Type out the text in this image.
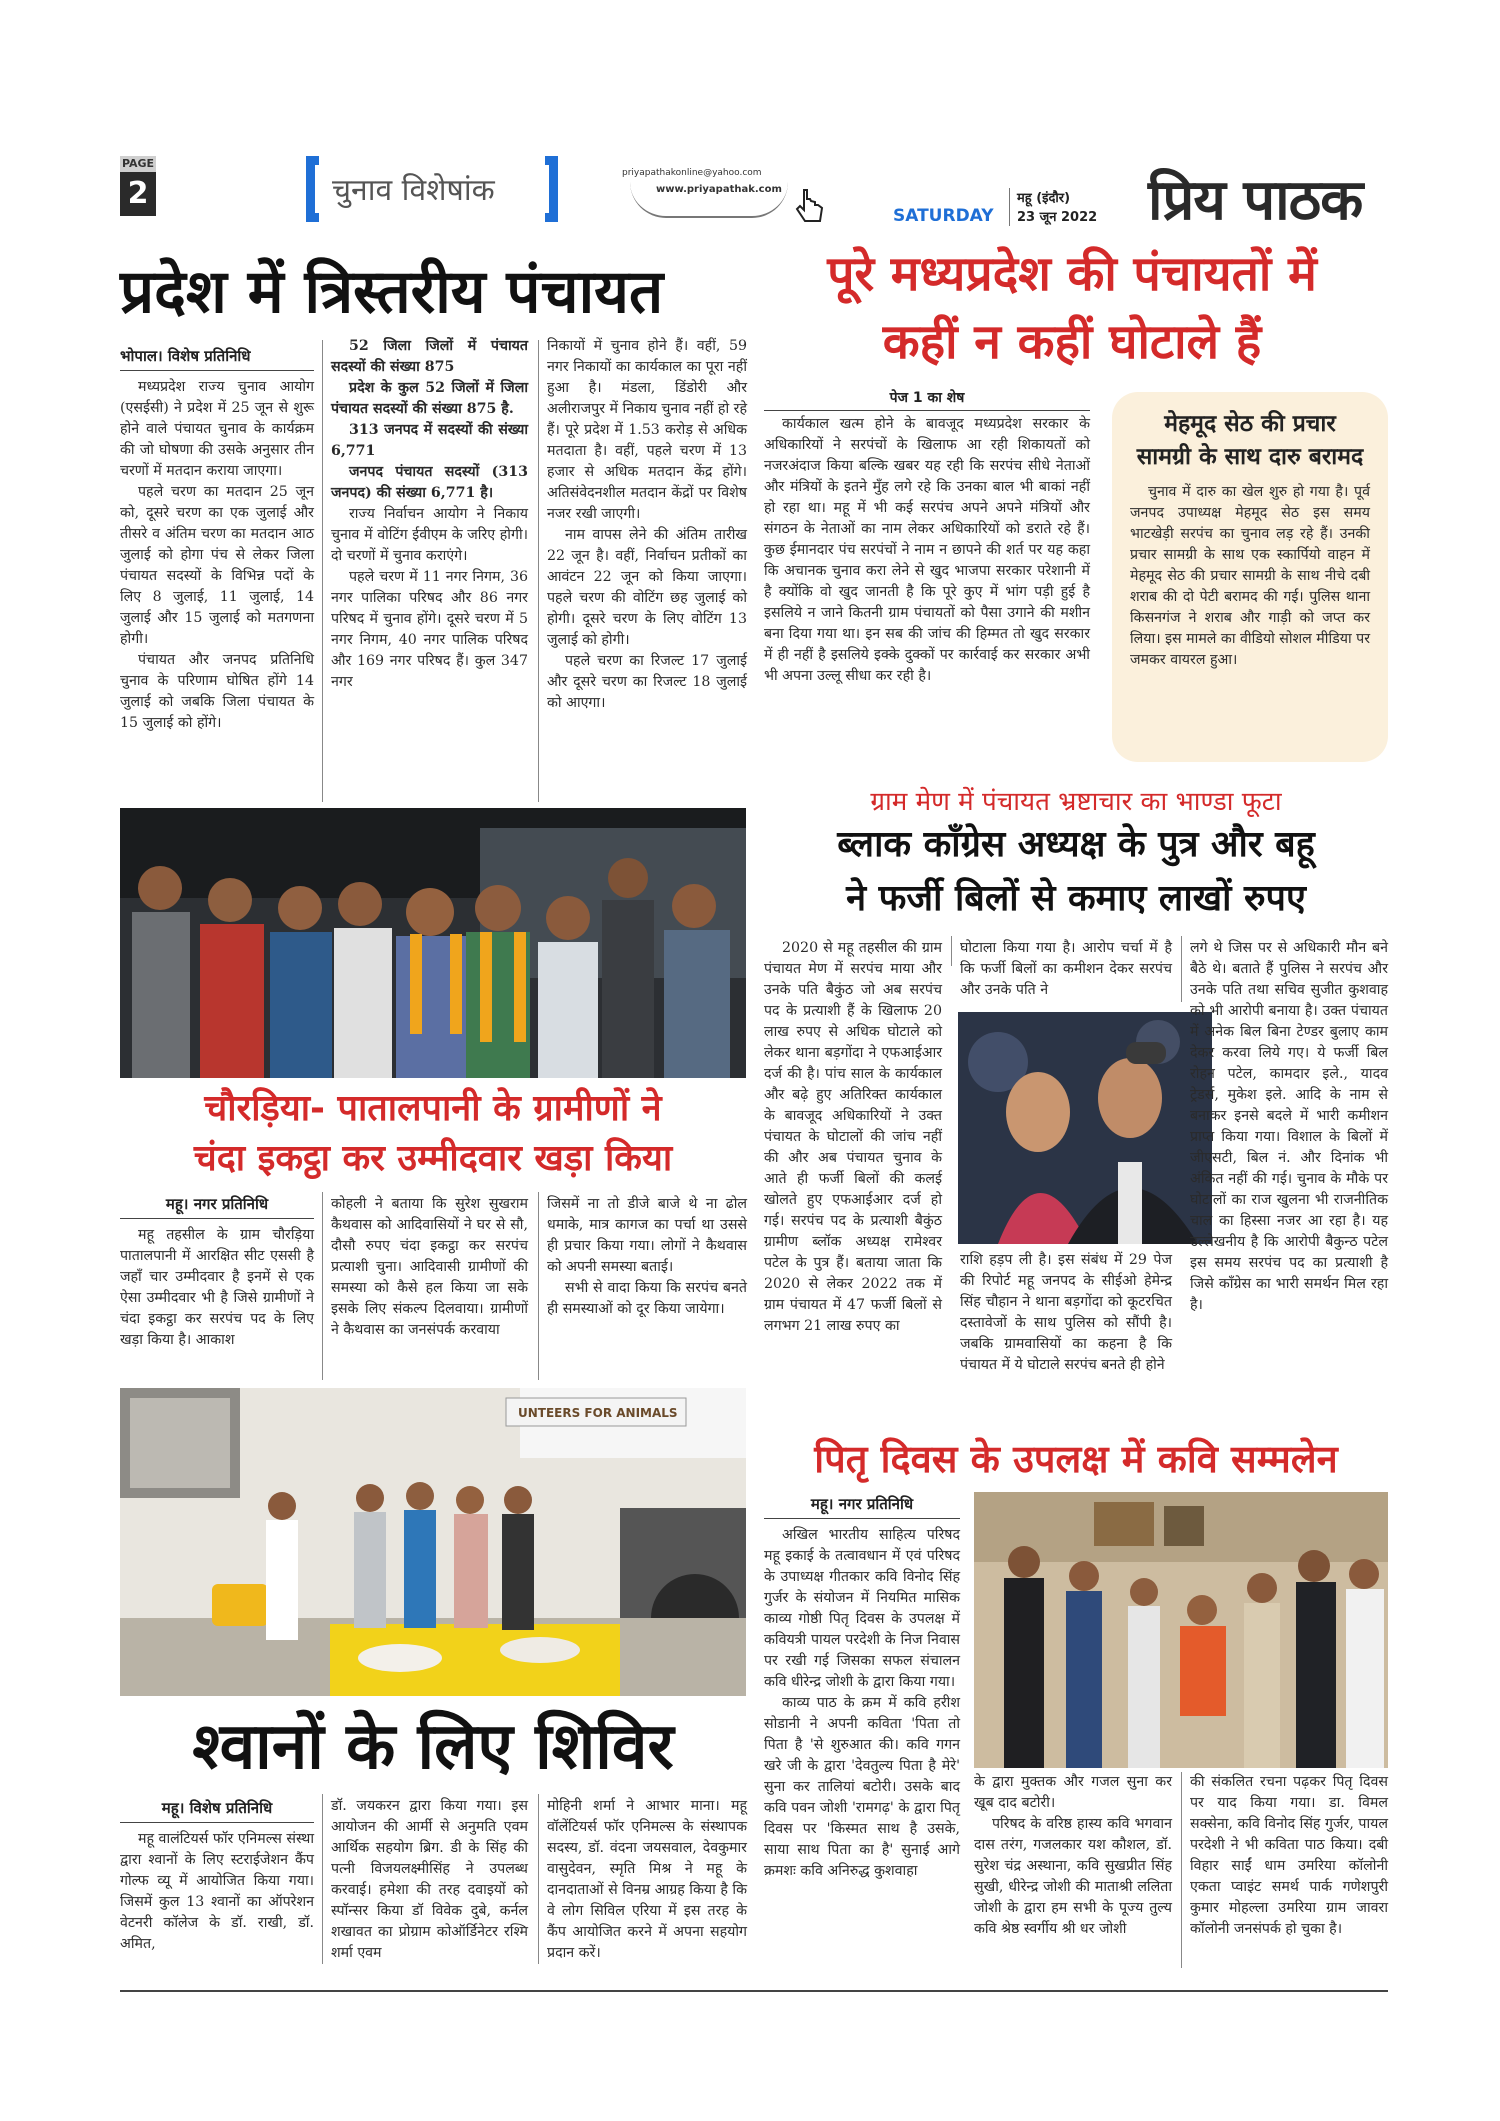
PAGE
2	चुनाव विशेषांक	priyapathakonline@yahoo.com
www.priyapathak.com
SATURDAY
महू (इंदौर)
23 जून 2022 प्रिय पाठक
प्रदेश में त्रिस्तरीय पंचायत
भोपाल। विशेष प्रतिनिधि

मध्यप्रदेश राज्य चुनाव आयोग (एसईसी) ने प्रदेश में 25 जून से शुरू होने वाले पंचायत चुनाव के कार्यक्रम की जो घोषणा की उसके अनुसार तीन चरणों में मतदान कराया जाएगा।

पहले चरण का मतदान 25 जून को, दूसरे चरण का एक जुलाई और तीसरे व अंतिम चरण का मतदान आठ जुलाई को होगा पंच से लेकर जिला पंचायत सदस्यों के विभिन्न पदों के लिए 8 जुलाई, 11 जुलाई, 14 जुलाई और 15 जुलाई को मतगणना होगी।

पंचायत और जनपद प्रतिनिधि चुनाव के परिणाम घोषित होंगे 14 जुलाई को जबकि जिला पंचायत के 15 जुलाई को होंगे।

52 जिला जिलों में पंचायत सदस्यों की संख्या 875

प्रदेश के कुल 52 जिलों में जिला पंचायत सदस्यों की संख्या 875 है.

313 जनपद में सदस्यों की संख्या 6,771

जनपद पंचायत सदस्यों (313 जनपद) की संख्या 6,771 है।

राज्य निर्वाचन आयोग ने निकाय चुनाव में वोटिंग ईवीएम के जरिए होगी। दो चरणों में चुनाव कराएंगे।

पहले चरण में 11 नगर निगम, 36 नगर पालिका परिषद और 86 नगर परिषद में चुनाव होंगे। दूसरे चरण में 5 नगर निगम, 40 नगर पालिक परिषद और 169 नगर परिषद हैं। कुल 347 नगर

निकायों में चुनाव होने हैं। वहीं, 59 नगर निकायों का कार्यकाल का पूरा नहीं हुआ है। मंडला, डिंडोरी और अलीराजपुर में निकाय चुनाव नहीं हो रहे हैं। पूरे प्रदेश में 1.53 करोड़ से अधिक मतदाता है। वहीं, पहले चरण में 13 हजार से अधिक मतदान केंद्र होंगे। अतिसंवेदनशील मतदान केंद्रों पर विशेष नजर रखी जाएगी।

नाम वापस लेने की अंतिम तारीख 22 जून है। वहीं, निर्वाचन प्रतीकों का आवंटन 22 जून को किया जाएगा। पहले चरण की वोटिंग छह जुलाई को होगी। दूसरे चरण के लिए वोटिंग 13 जुलाई को होगी।

पहले चरण का रिजल्ट 17 जुलाई और दूसरे चरण का रिजल्ट 18 जुलाई को आएगा।

पूरे मध्यप्रदेश की पंचायतों में
कहीं न कहीं घोटाले हैं
पेज 1 का शेष

कार्यकाल खत्म होने के बावजूद मध्यप्रदेश सरकार के अधिकारियों ने सरपंचों के खिलाफ आ रही शिकायतों को नजरअंदाज किया बल्कि खबर यह रही कि सरपंच सीधे नेताओं और मंत्रियों के इतने मुँह लगे रहे कि उनका बाल भी बाकां नहीं हो रहा था। महू में भी कई सरपंच अपने अपने मंत्रियों और संगठन के नेताओं का नाम लेकर अधिकारियों को डराते रहे हैं। कुछ ईमानदार पंच सरपंचों ने नाम न छापने की शर्त पर यह कहा कि अचानक चुनाव करा लेने से खुद भाजपा सरकार परेशानी में है क्योंकि वो खुद जानती है कि पूरे कुए में भांग पड़ी हुई है इसलिये न जाने कितनी ग्राम पंचायतों को पैसा उगाने की मशीन बना दिया गया था। इन सब की जांच की हिम्मत तो खुद सरकार में ही नहीं है इसलिये इक्के दुक्कों पर कार्रवाई कर सरकार अभी भी अपना उल्लू सीधा कर रही है।

मेहमूद सेठ की प्रचार सामग्री के साथ दारु बरामद

चुनाव में दारु का खेल शुरु हो गया है। पूर्व जनपद उपाध्यक्ष मेहमूद सेठ इस समय भाटखेड़ी सरपंच का चुनाव लड़ रहे हैं। उनकी प्रचार सामग्री के साथ एक स्कार्पियो वाहन में मेहमूद सेठ की प्रचार सामग्री के साथ नीचे दबी शराब की दो पेटी बरामद की गई। पुलिस थाना किसनगंज ने शराब और गाड़ी को जप्त कर लिया। इस मामले का वीडियो सोशल मीडिया पर जमकर वायरल हुआ।

चौरड़िया- पातालपानी के ग्रामीणों ने
चंदा इकट्ठा कर उम्मीदवार खड़ा किया
महू। नगर प्रतिनिधि

महू तहसील के ग्राम चौरड़िया पातालपानी में आरक्षित सीट एससी है जहाँ चार उम्मीदवार है इनमें से एक ऐसा उम्मीदवार भी है जिसे ग्रामीणों ने चंदा इकट्ठा कर सरपंच पद के लिए खड़ा किया है। आकाश

कोहली ने बताया कि सुरेश सुखराम कैथवास को आदिवासियों ने घर से सौ, दौसौ रुपए चंदा इकट्ठा कर सरपंच प्रत्याशी चुना। आदिवासी ग्रामीणों की समस्या को कैसे हल किया जा सके इसके लिए संकल्प दिलवाया। ग्रामीणों ने कैथवास का जनसंपर्क करवाया

जिसमें ना तो डीजे बाजे थे ना ढोल धमाके, मात्र कागज का पर्चा था उससे ही प्रचार किया गया। लोगों ने कैथवास को अपनी समस्या बताई।

सभी से वादा किया कि सरपंच बनते ही समस्याओं को दूर किया जायेगा।

ग्राम मेण में पंचायत भ्रष्टाचार का भाण्डा फूटा
ब्लाक कॉंग्रेस अध्यक्ष के पुत्र और बहू
ने फर्जी बिलों से कमाए लाखों रुपए

2020 से महू तहसील की ग्राम पंचायत मेण में सरपंच माया और उनके पति बैकुंठ जो अब सरपंच पद के प्रत्याशी हैं के खिलाफ 20 लाख रुपए से अधिक घोटाले को लेकर थाना बड़गोंदा ने एफआईआर दर्ज की है। पांच साल के कार्यकाल और बढ़े हुए अतिरिक्त कार्यकाल के बावजूद अधिकारियों ने उक्त पंचायत के घोटालों की जांच नहीं की और अब पंचायत चुनाव के आते ही फर्जी बिलों की कलई खोलते हुए एफआईआर दर्ज हो गई। सरपंच पद के प्रत्याशी बैकुंठ ग्रामीण ब्लॉक अध्यक्ष रामेश्वर पटेल के पुत्र हैं। बताया जाता कि 2020 से लेकर 2022 तक में ग्राम पंचायत में 47 फर्जी बिलों से लगभग 21 लाख रुपए का

घोटाला किया गया है। आरोप चर्चा में है कि फर्जी बिलों का कमीशन देकर सरपंच और उनके पति ने

राशि हड़प ली है। इस संबंध में 29 पेज की रिपोर्ट महू जनपद के सीईओ हेमेन्द्र सिंह चौहान ने थाना बड़गोंदा को कूटरचित दस्तावेजों के साथ पुलिस को सौंपी है। जबकि ग्रामवासियों का कहना है कि पंचायत में ये घोटाले सरपंच बनते ही होने

लगे थे जिस पर से अधिकारी मौन बने बैठे थे। बताते हैं पुलिस ने सरपंच और उनके पति तथा सचिव सुजीत कुशवाह को भी आरोपी बनाया है। उक्त पंचायत में अनेक बिल बिना टेण्डर बुलाए काम देकर करवा लिये गए। ये फर्जी बिल रोहन पटेल, कामदार इले., यादव ट्रेडर्स, मुकेश इले. आदि के नाम से बनाकर इनसे बदले में भारी कमीशन प्राप्त किया गया। विशाल के बिलों में जीएसटी, बिल नं. और दिनांक भी अंकित नहीं की गई। चुनाव के मौके पर घोटालों का राज खुलना भी राजनीतिक चाल का हिस्सा नजर आ रहा है। यह उल्लेखनीय है कि आरोपी बैकुन्ठ पटेल इस समय सरपंच पद का प्रत्याशी है जिसे कॉंग्रेस का भारी समर्थन मिल रहा है।

UNTEERS FOR ANIMALS
श्वानों के लिए शिविर
महू। विशेष प्रतिनिधि

महू वालंटियर्स फॉर एनिमल्स संस्था द्वारा श्वानों के लिए स्टराईजेशन कैंप गोल्फ व्यू में आयोजित किया गया। जिसमें कुल 13 श्वानों का ऑपरेशन वेटनरी कॉलेज के डॉ. राखी, डॉ. अमित,

डॉ. जयकरन द्वारा किया गया। इस आयोजन की आर्मी से अनुमति एवम आर्थिक सहयोग ब्रिग. डी के सिंह की पत्नी विजयलक्ष्मीसिंह ने उपलब्ध करवाई। हमेशा की तरह दवाइयों को स्पॉन्सर किया डॉ विवेक दुबे, कर्नल शखावत का प्रोग्राम कोऑर्डिनेटर रश्मि शर्मा एवम

मोहिनी शर्मा ने आभार माना। महू वॉलेंटियर्स फॉर एनिमल्स के संस्थापक सदस्य, डॉ. वंदना जयसवाल, देवकुमार वासुदेवन, स्मृति मिश्र ने महू के दानदाताओं से विनम्र आग्रह किया है कि वे लोग सिविल एरिया में इस तरह के कैंप आयोजित करने में अपना सहयोग प्रदान करें।

पितृ दिवस के उपलक्ष में कवि सम्मलेन
महू। नगर प्रतिनिधि

अखिल भारतीय साहित्य परिषद महू इकाई के तत्वावधान में एवं परिषद के उपाध्यक्ष गीतकार कवि विनोद सिंह गुर्जर के संयोजन में नियमित मासिक काव्य गोष्ठी पितृ दिवस के उपलक्ष में कवियत्री पायल परदेशी के निज निवास पर रखी गई जिसका सफल संचालन कवि धीरेन्द्र जोशी के द्वारा किया गया।

काव्य पाठ के क्रम में कवि हरीश सोडानी ने अपनी कविता 'पिता तो पिता है 'से शुरुआत की। कवि गगन खरे जी के द्वारा 'देवतुल्य पिता है मेरे' सुना कर तालियां बटोरी। उसके बाद कवि पवन जोशी 'रामगढ़' के द्वारा पितृ दिवस पर 'किस्मत साथ है उसके, साया साथ पिता का है' सुनाई आगे क्रमशः कवि अनिरुद्ध कुशवाहा

के द्वारा मुक्तक और गजल सुना कर खूब दाद बटोरी।

परिषद के वरिष्ठ हास्य कवि भगवान दास तरंग, गजलकार यश कौशल, डॉ. सुरेश चंद्र अस्थाना, कवि सुखप्रीत सिंह सुखी, धीरेन्द्र जोशी की माताश्री ललिता जोशी के द्वारा हम सभी के पूज्य तुल्य कवि श्रेष्ठ स्वर्गीय श्री धर जोशी

की संकलित रचना पढ़कर पितृ दिवस पर याद किया गया। डा. विमल सक्सेना, कवि विनोद सिंह गुर्जर, पायल परदेशी ने भी कविता पाठ किया। दबी विहार साईं धाम उमरिया कॉलोनी एकता प्वाइंट समर्थ पार्क गणेशपुरी कुमार मोहल्ला उमरिया ग्राम जावरा कॉलोनी जनसंपर्क हो चुका है।
